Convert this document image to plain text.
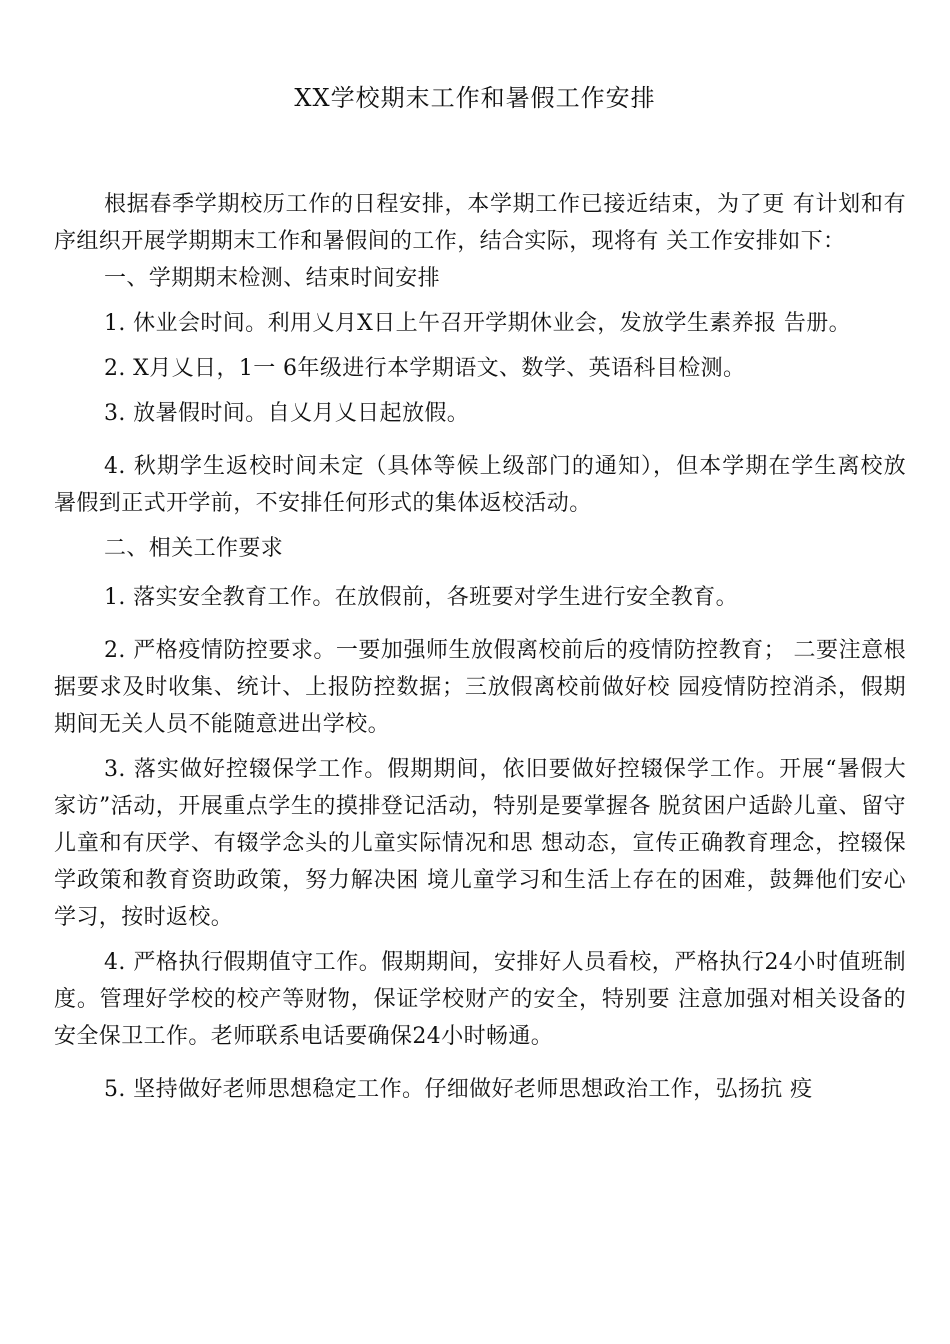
XX学校期末工作和暑假工作安排

根据春季学期校历工作的日程安排，本学期工作已接近结束，为了更 有计划和有序组织开展学期期末工作和暑假间的工作，结合实际，现将有 关工作安排如下：

一、学期期末检测、结束时间安排

1. 休业会时间。利用乂月X日上午召开学期休业会，发放学生素养报 告册。

2. X月乂日，1一 6年级进行本学期语文、数学、英语科目检测。

3. 放暑假时间。自乂月乂日起放假。

4. 秋期学生返校时间未定（具体等候上级部门的通知），但本学期在学生离校放暑假到正式开学前，不安排任何形式的集体返校活动。

二、相关工作要求

1. 落实安全教育工作。在放假前，各班要对学生进行安全教育。

2. 严格疫情防控要求。一要加强师生放假离校前后的疫情防控教育； 二要注意根据要求及时收集、统计、上报防控数据；三放假离校前做好校 园疫情防控消杀，假期期间无关人员不能随意进出学校。

3. 落实做好控辍保学工作。假期期间，依旧要做好控辍保学工作。开展“暑假大家访”活动，开展重点学生的摸排登记活动，特别是要掌握各 脱贫困户适龄儿童、留守儿童和有厌学、有辍学念头的儿童实际情况和思 想动态，宣传正确教育理念，控辍保学政策和教育资助政策，努力解决困 境儿童学习和生活上存在的困难，鼓舞他们安心学习，按时返校。

4. 严格执行假期值守工作。假期期间，安排好人员看校，严格执行24小时值班制度。管理好学校的校产等财物，保证学校财产的安全，特别要 注意加强对相关设备的安全保卫工作。老师联系电话要确保24小时畅通。

5. 坚持做好老师思想稳定工作。仔细做好老师思想政治工作，弘扬抗 疫
